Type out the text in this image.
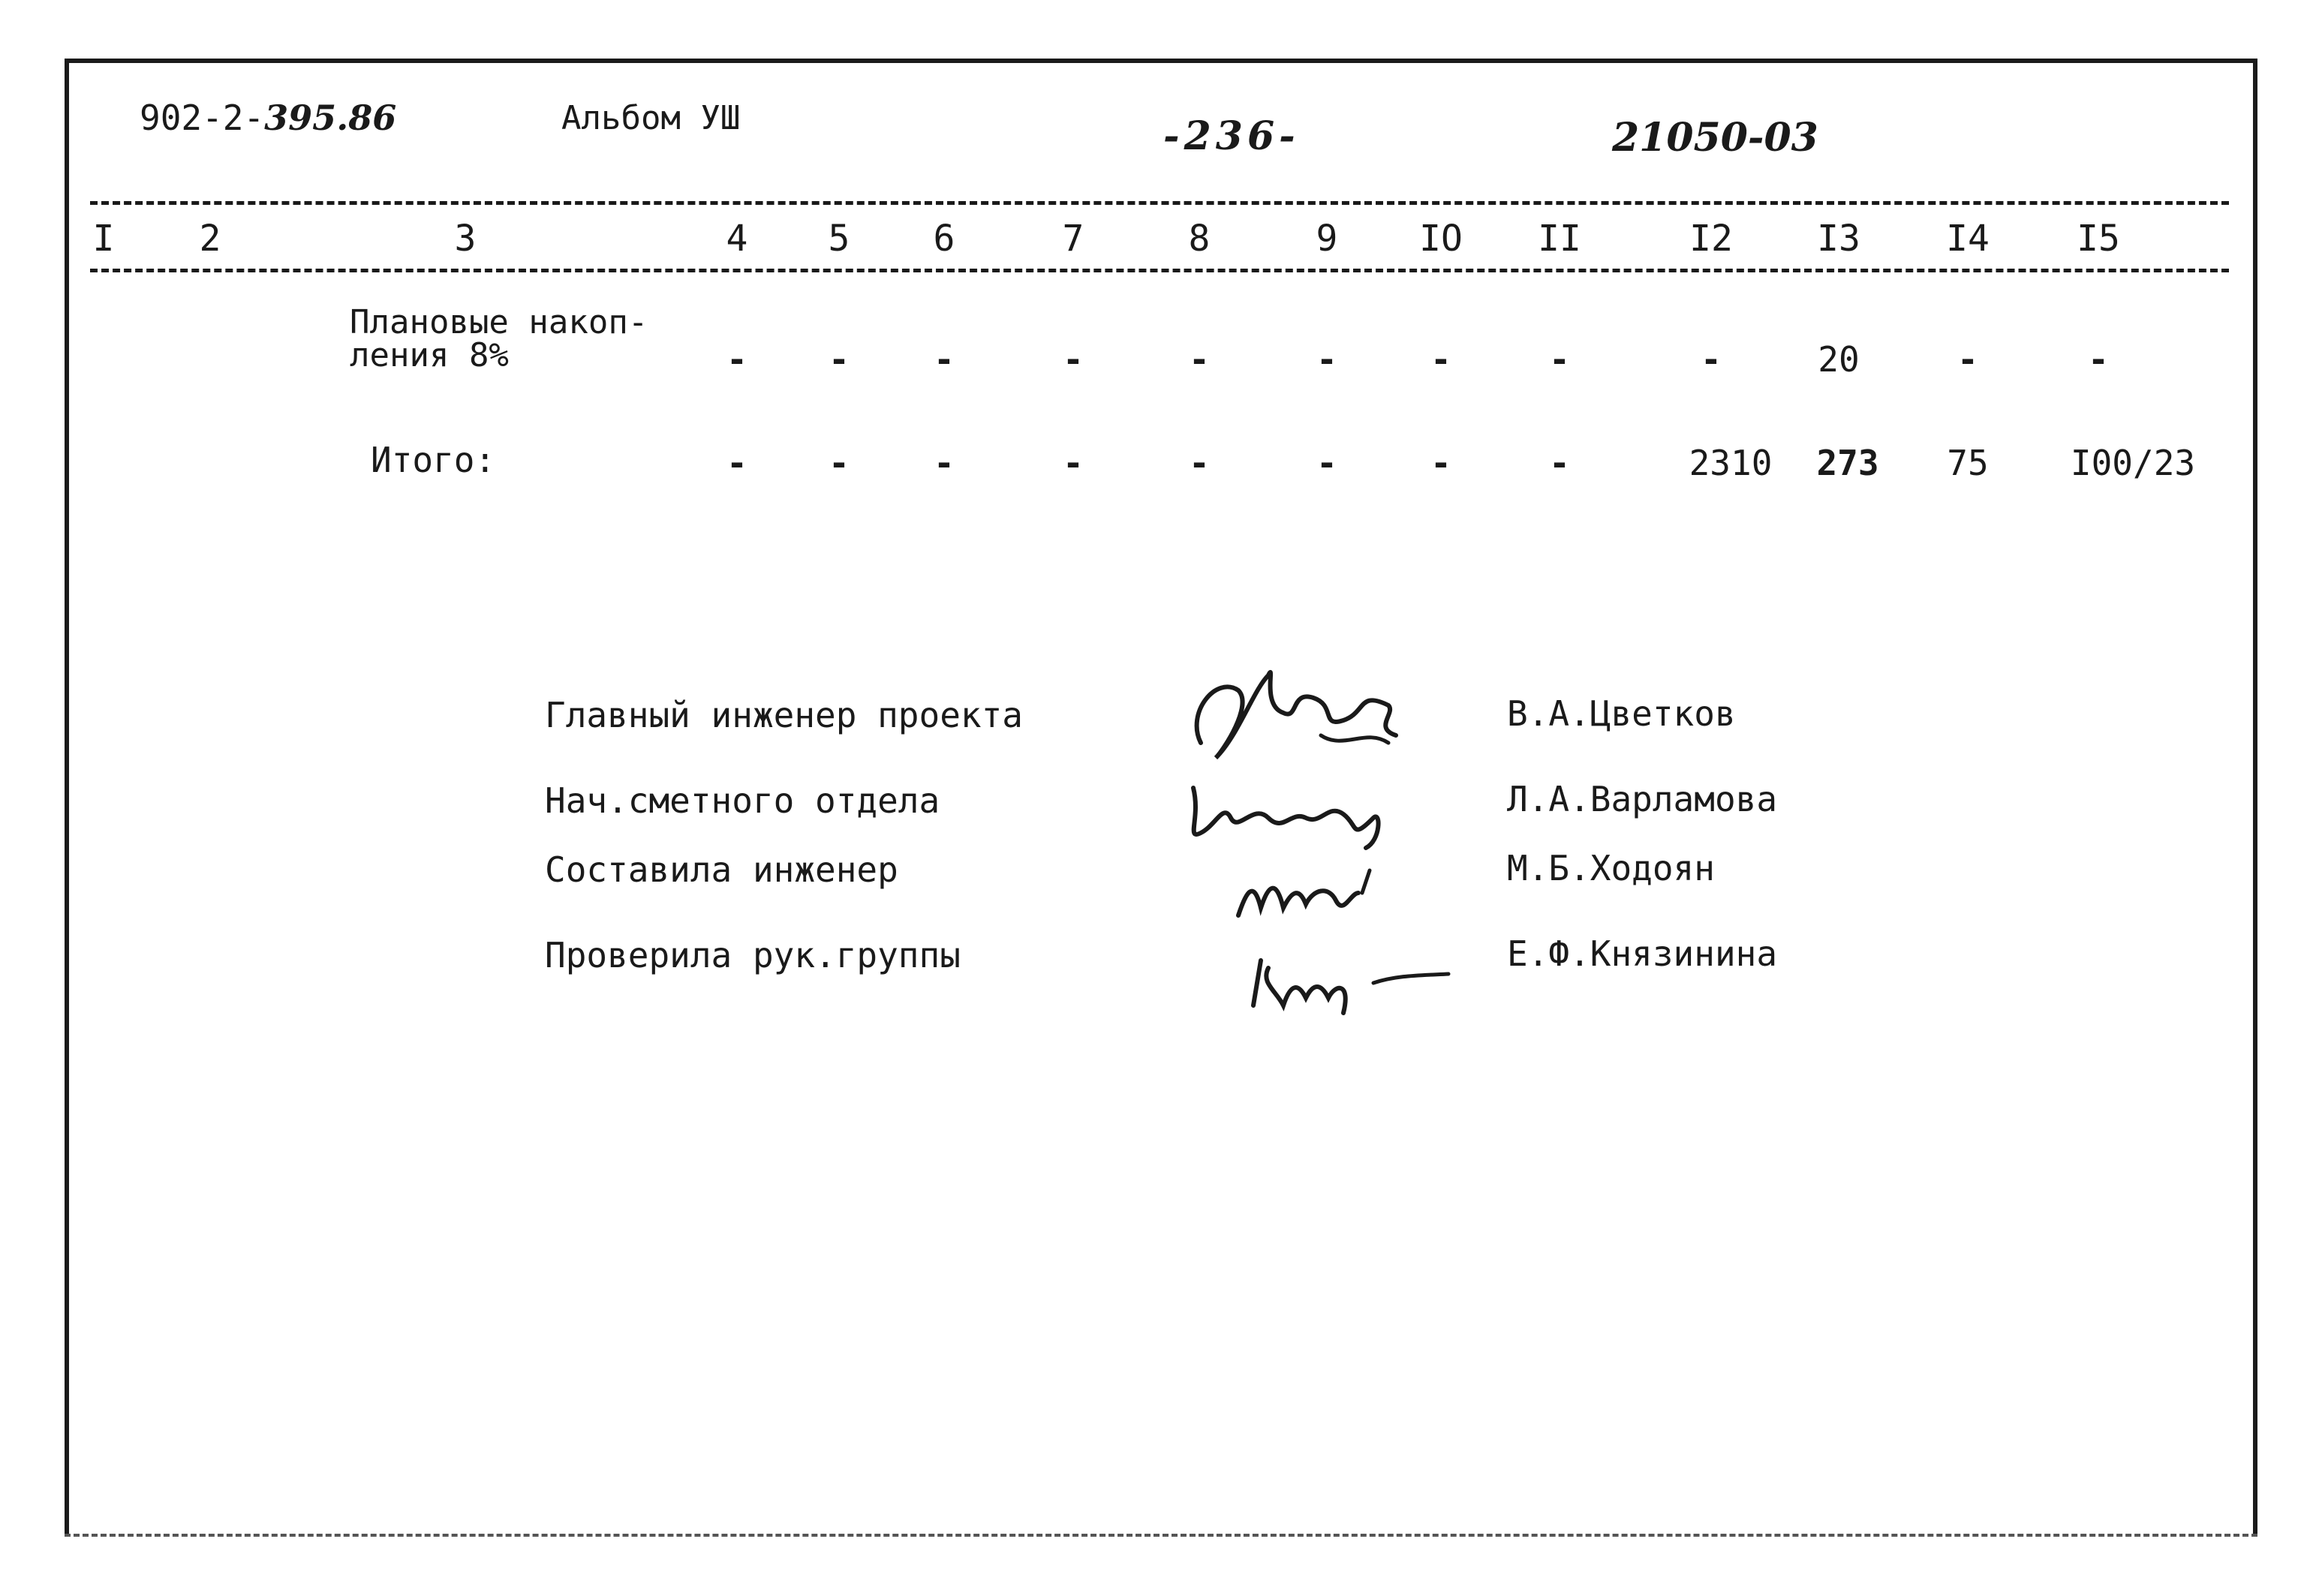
902-2-395.86	Альбом УШ	-236-	21050-03
I 2	3	4 5 6	7	8	9 IO II	I2 I3 I4 I5
Плановые накоп-
ления 8%	- - -	-	-	-	-	-	-	20	-	-
Итого:	- - -	-	-	-	-	-	2310 273 75 I00/23
Главный инженер проекта
Нач.сметного отдела
Составила инженер
Проверила рук.группы
В.А.Цветков
Л.А.Варламова
М.Б.Ходоян
Е.Ф.Князинина
